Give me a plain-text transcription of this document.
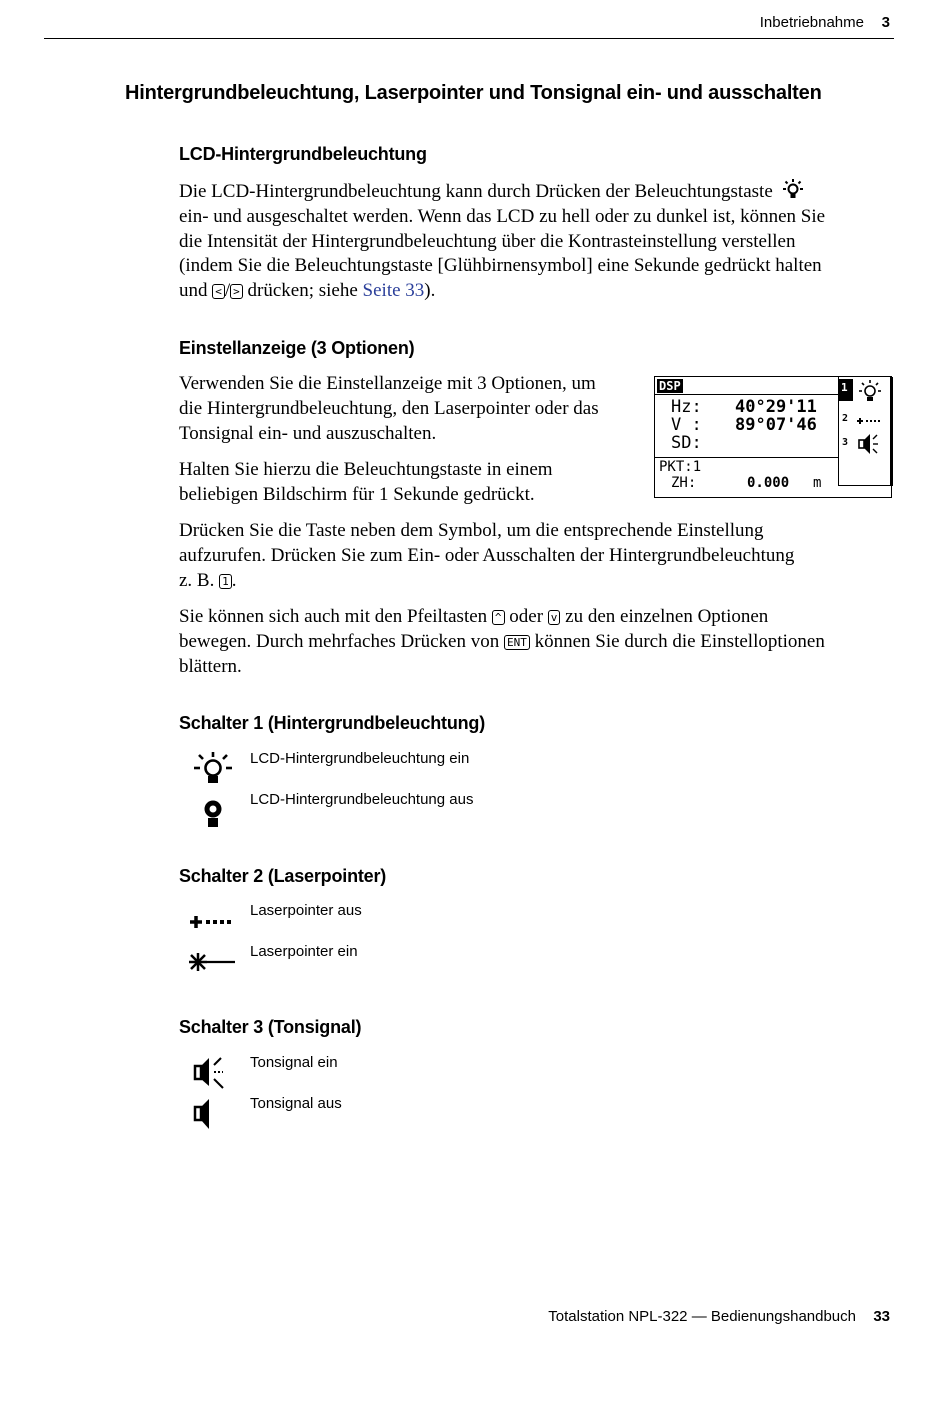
Inbetriebnahme 3
Hintergrundbeleuchtung, Laserpointer und Tonsignal ein- und ausschalten
LCD-Hintergrundbeleuchtung
Die LCD-Hintergrundbeleuchtung kann durch Drücken der Beleuchtungstaste
ein- und ausgeschaltet werden. Wenn das LCD zu hell oder zu dunkel ist, können Sie
die Intensität der Hintergrundbeleuchtung über die Kontrasteinstellung verstellen
(indem Sie die Beleuchtungstaste [Glühbirnensymbol] eine Sekunde gedrückt halten
und < / > drücken; siehe Seite 33).
Einstellanzeige (3 Optionen)
Verwenden Sie die Einstellanzeige mit 3 Optionen, um
die Hintergrundbeleuchtung, den Laserpointer oder das
Tonsignal ein- und auszuschalten.
Halten Sie hierzu die Beleuchtungstaste in einem
beliebigen Bildschirm für 1 Sekunde gedrückt.
Drücken Sie die Taste neben dem Symbol, um die entsprechende Einstellung
aufzurufen. Drücken Sie zum Ein- oder Ausschalten der Hintergrundbeleuchtung
z. B. 1 .
Sie können sich auch mit den Pfeiltasten ^ oder v zu den einzelnen Optionen
bewegen. Durch mehrfaches Drücken von ENT können Sie durch die Einstelloptionen
blättern.
DSP
Hz: 40°29'11
V : 89°07'46
SD:
PKT:1
ZH:	0.000 m
1
2
3
Schalter 1 (Hintergrundbeleuchtung)
LCD-Hintergrundbeleuchtung ein
LCD-Hintergrundbeleuchtung aus
Schalter 2 (Laserpointer)
Laserpointer aus
Laserpointer ein
Schalter 3 (Tonsignal)
Tonsignal ein
Tonsignal aus
Totalstation NPL-322 — Bedienungshandbuch 33
